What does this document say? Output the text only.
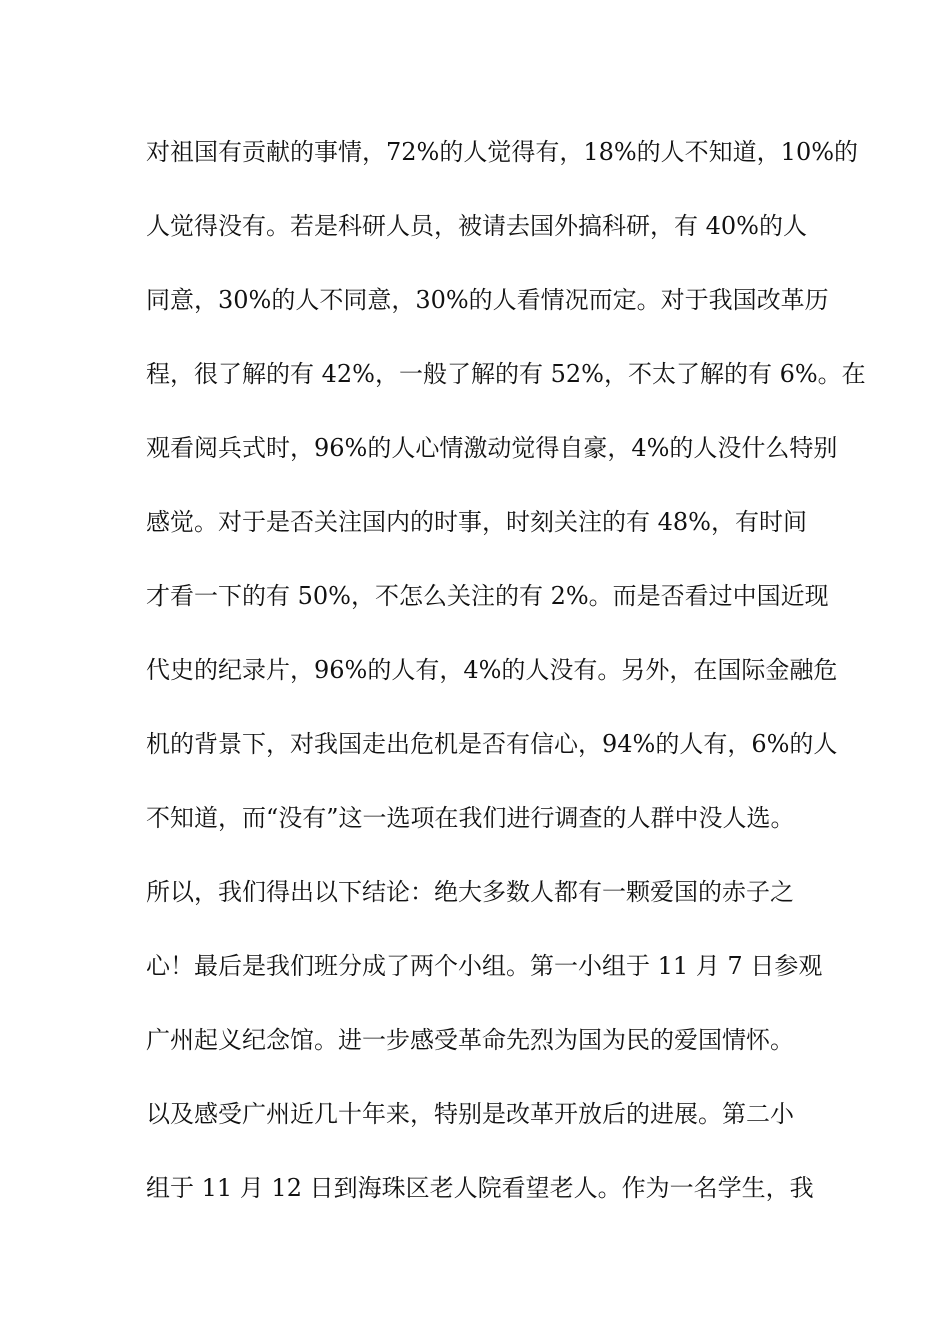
对祖国有贡献的事情，72%的人觉得有，18%的人不知道，10%的
人觉得没有。若是科研人员，被请去国外搞科研，有 40%的人
同意，30%的人不同意，30%的人看情况而定。对于我国改革历
程，很了解的有 42%，一般了解的有 52%，不太了解的有 6%。在
观看阅兵式时，96%的人心情激动觉得自豪，4%的人没什么特别
感觉。对于是否关注国内的时事，时刻关注的有 48%，有时间
才看一下的有 50%，不怎么关注的有 2%。而是否看过中国近现
代史的纪录片，96%的人有，4%的人没有。另外，在国际金融危
机的背景下，对我国走出危机是否有信心，94%的人有，6%的人
不知道，而“没有”这一选项在我们进行调查的人群中没人选。
所以，我们得出以下结论：绝大多数人都有一颗爱国的赤子之
心！最后是我们班分成了两个小组。第一小组于 11 月 7 日参观
广州起义纪念馆。进一步感受革命先烈为国为民的爱国情怀。
以及感受广州近几十年来，特别是改革开放后的进展。第二小
组于 11 月 12 日到海珠区老人院看望老人。作为一名学生，我
